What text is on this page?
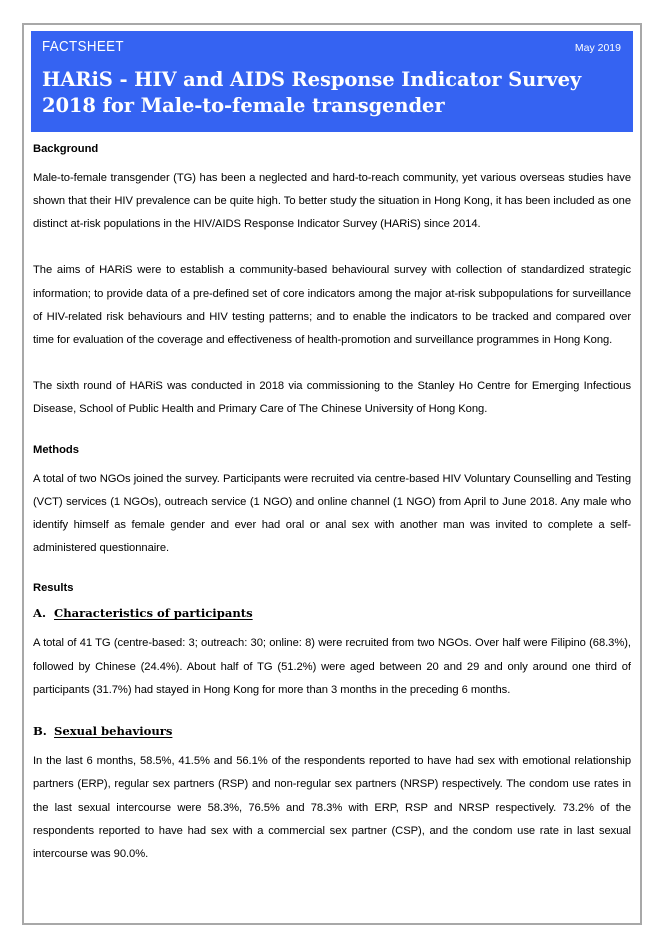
FACTSHEET	May 2019
HARiS - HIV and AIDS Response Indicator Survey 2018 for Male-to-female transgender
Background

Male-to-female transgender (TG) has been a neglected and hard-to-reach community, yet various overseas studies have shown that their HIV prevalence can be quite high. To better study the situation in Hong Kong, it has been included as one distinct at-risk populations in the HIV/AIDS Response Indicator Survey (HARiS) since 2014.

The aims of HARiS were to establish a community-based behavioural survey with collection of standardized strategic information; to provide data of a pre-defined set of core indicators among the major at-risk subpopulations for surveillance of HIV-related risk behaviours and HIV testing patterns; and to enable the indicators to be tracked and compared over time for evaluation of the coverage and effectiveness of health-promotion and surveillance programmes in Hong Kong.

The sixth round of HARiS was conducted in 2018 via commissioning to the Stanley Ho Centre for Emerging Infectious Disease, School of Public Health and Primary Care of The Chinese University of Hong Kong.

Methods

A total of two NGOs joined the survey. Participants were recruited via centre-based HIV Voluntary Counselling and Testing (VCT) services (1 NGOs), outreach service (1 NGO) and online channel (1 NGO) from April to June 2018. Any male who identify himself as female gender and ever had oral or anal sex with another man was invited to complete a self-administered questionnaire.

Results
A. Characteristics of participants

A total of 41 TG (centre-based: 3; outreach: 30; online: 8) were recruited from two NGOs. Over half were Filipino (68.3%), followed by Chinese (24.4%). About half of TG (51.2%) were aged between 20 and 29 and only around one third of participants (31.7%) had stayed in Hong Kong for more than 3 months in the preceding 6 months.

B. Sexual behaviours

In the last 6 months, 58.5%, 41.5% and 56.1% of the respondents reported to have had sex with emotional relationship partners (ERP), regular sex partners (RSP) and non-regular sex partners (NRSP) respectively. The condom use rates in the last sexual intercourse were 58.3%, 76.5% and 78.3% with ERP, RSP and NRSP respectively. 73.2% of the respondents reported to have had sex with a commercial sex partner (CSP), and the condom use rate in last sexual intercourse was 90.0%.
